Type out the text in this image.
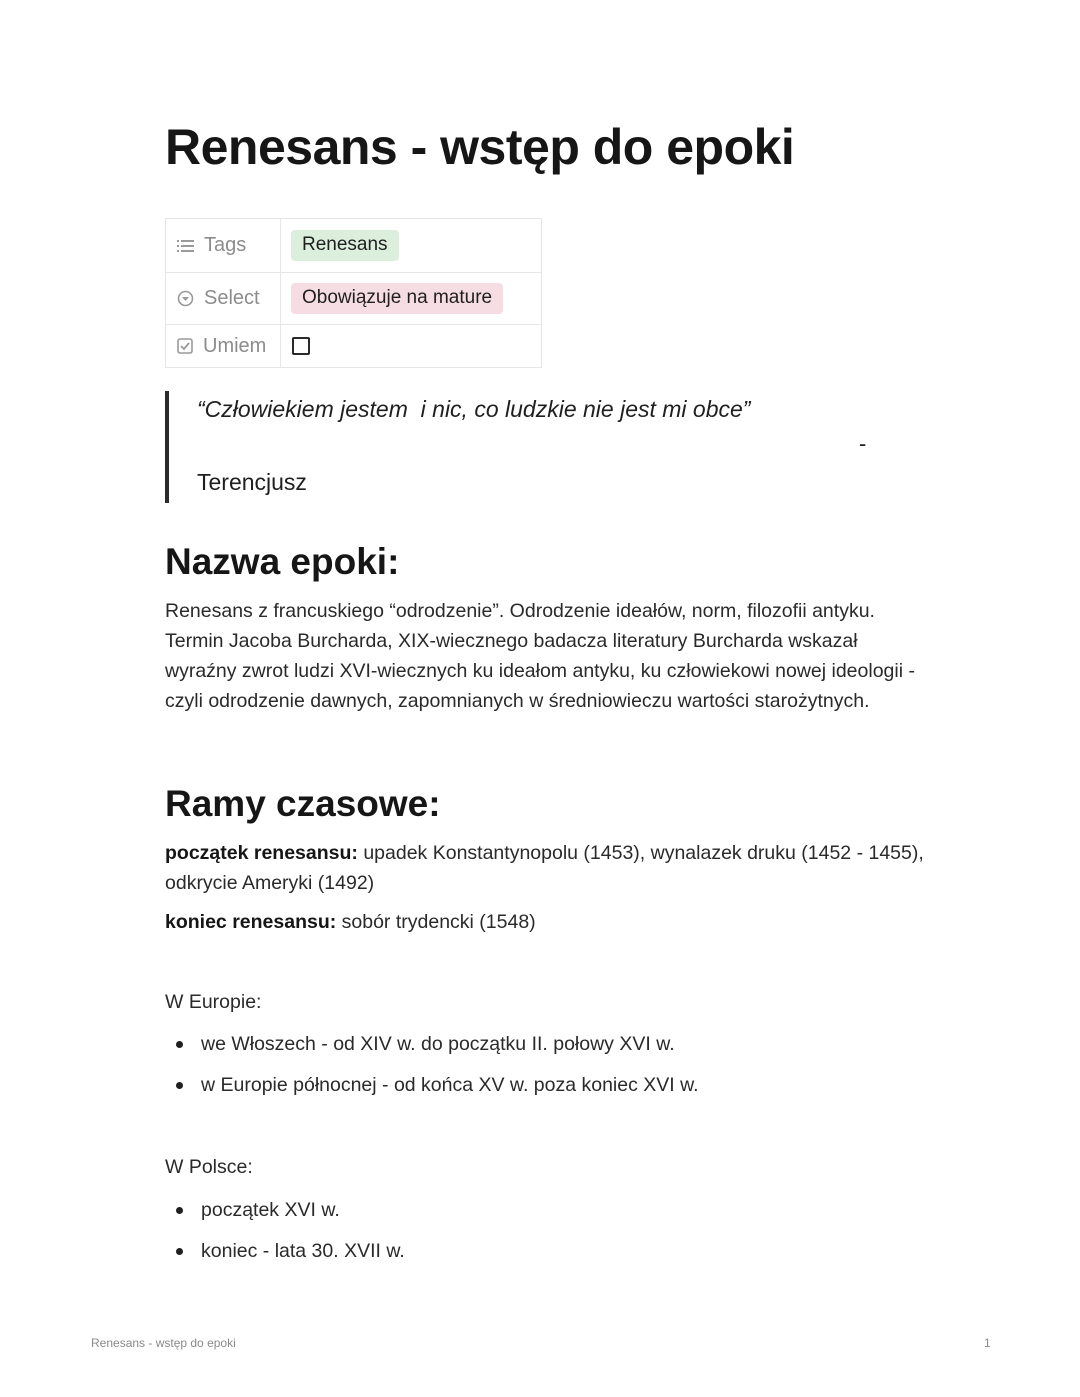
Renesans - wstęp do epoki
Tags	Renesans

Select	Obowiązuje na mature

Umiem	

“Człowiekiem jestem  i nic, co ludzkie nie jest mi obce”
-
Terencjusz
Nazwa epoki:

Renesans z francuskiego “odrodzenie”. Odrodzenie ideałów, norm, filozofii antyku. Termin Jacoba Burcharda, XIX-wiecznego badacza literatury Burcharda wskazał wyraźny zwrot ludzi XVI-wiecznych ku ideałom antyku, ku człowiekowi nowej ideologii - czyli odrodzenie dawnych, zapomnianych w średniowieczu wartości starożytnych.

Ramy czasowe:

początek renesansu: upadek Konstantynopolu (1453), wynalazek druku (1452 - 1455), odkrycie Ameryki (1492)

koniec renesansu: sobór trydencki (1548)

W Europie:

we Włoszech - od XIV w. do początku II. połowy XVI w.
w Europie północnej - od końca XV w. poza koniec XVI w.

W Polsce:

początek XVI w.
koniec - lata 30. XVII w.
Renesans - wstęp do epoki	1
